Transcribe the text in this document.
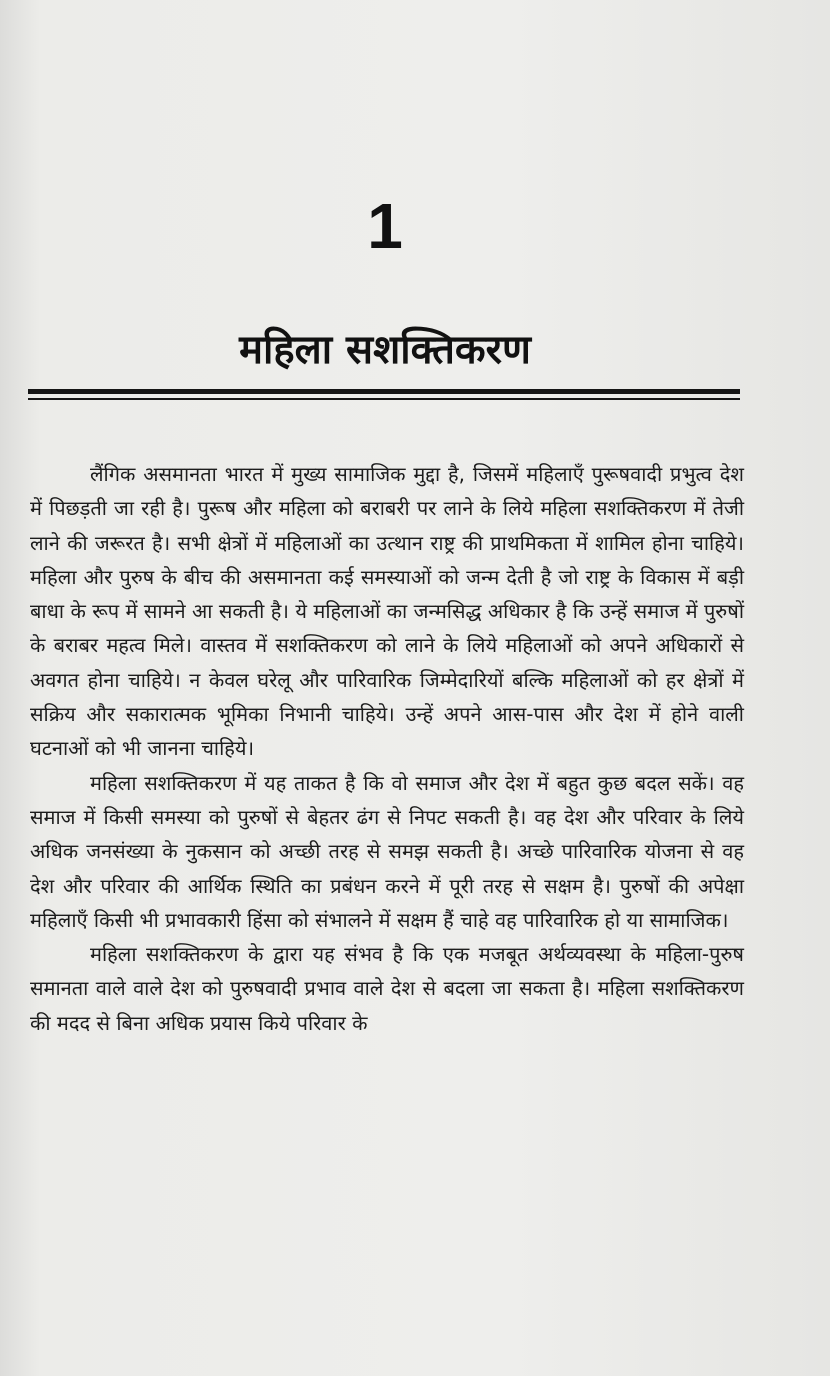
1
महिला सशक्तिकरण

लैंगिक असमानता भारत में मुख्य सामाजिक मुद्दा है, जिसमें महिलाएँ पुरूषवादी प्रभुत्व देश में पिछड़ती जा रही है। पुरूष और महिला को बराबरी पर लाने के लिये महिला सशक्तिकरण में तेजी लाने की जरूरत है। सभी क्षेत्रों में महिलाओं का उत्थान राष्ट्र की प्राथमिकता में शामिल होना चाहिये। महिला और पुरुष के बीच की असमानता कई समस्याओं को जन्म देती है जो राष्ट्र के विकास में बड़ी बाधा के रूप में सामने आ सकती है। ये महिलाओं का जन्मसिद्ध अधिकार है कि उन्हें समाज में पुरुषों के बराबर महत्व मिले। वास्तव में सशक्तिकरण को लाने के लिये महिलाओं को अपने अधिकारों से अवगत होना चाहिये। न केवल घरेलू और पारिवारिक जिम्मेदारियों बल्कि महिलाओं को हर क्षेत्रों में सक्रिय और सकारात्मक भूमिका निभानी चाहिये। उन्हें अपने आस-पास और देश में होने वाली घटनाओं को भी जानना चाहिये।

महिला सशक्तिकरण में यह ताकत है कि वो समाज और देश में बहुत कुछ बदल सकें। वह समाज में किसी समस्या को पुरुषों से बेहतर ढंग से निपट सकती है। वह देश और परिवार के लिये अधिक जनसंख्या के नुकसान को अच्छी तरह से समझ सकती है। अच्छे पारिवारिक योजना से वह देश और परिवार की आर्थिक स्थिति का प्रबंधन करने में पूरी तरह से सक्षम है। पुरुषों की अपेक्षा महिलाएँ किसी भी प्रभावकारी हिंसा को संभालने में सक्षम हैं चाहे वह पारिवारिक हो या सामाजिक।

महिला सशक्तिकरण के द्वारा यह संभव है कि एक मजबूत अर्थव्यवस्था के महिला-पुरुष समानता वाले वाले देश को पुरुषवादी प्रभाव वाले देश से बदला जा सकता है। महिला सशक्तिकरण की मदद से बिना अधिक प्रयास किये परिवार के
